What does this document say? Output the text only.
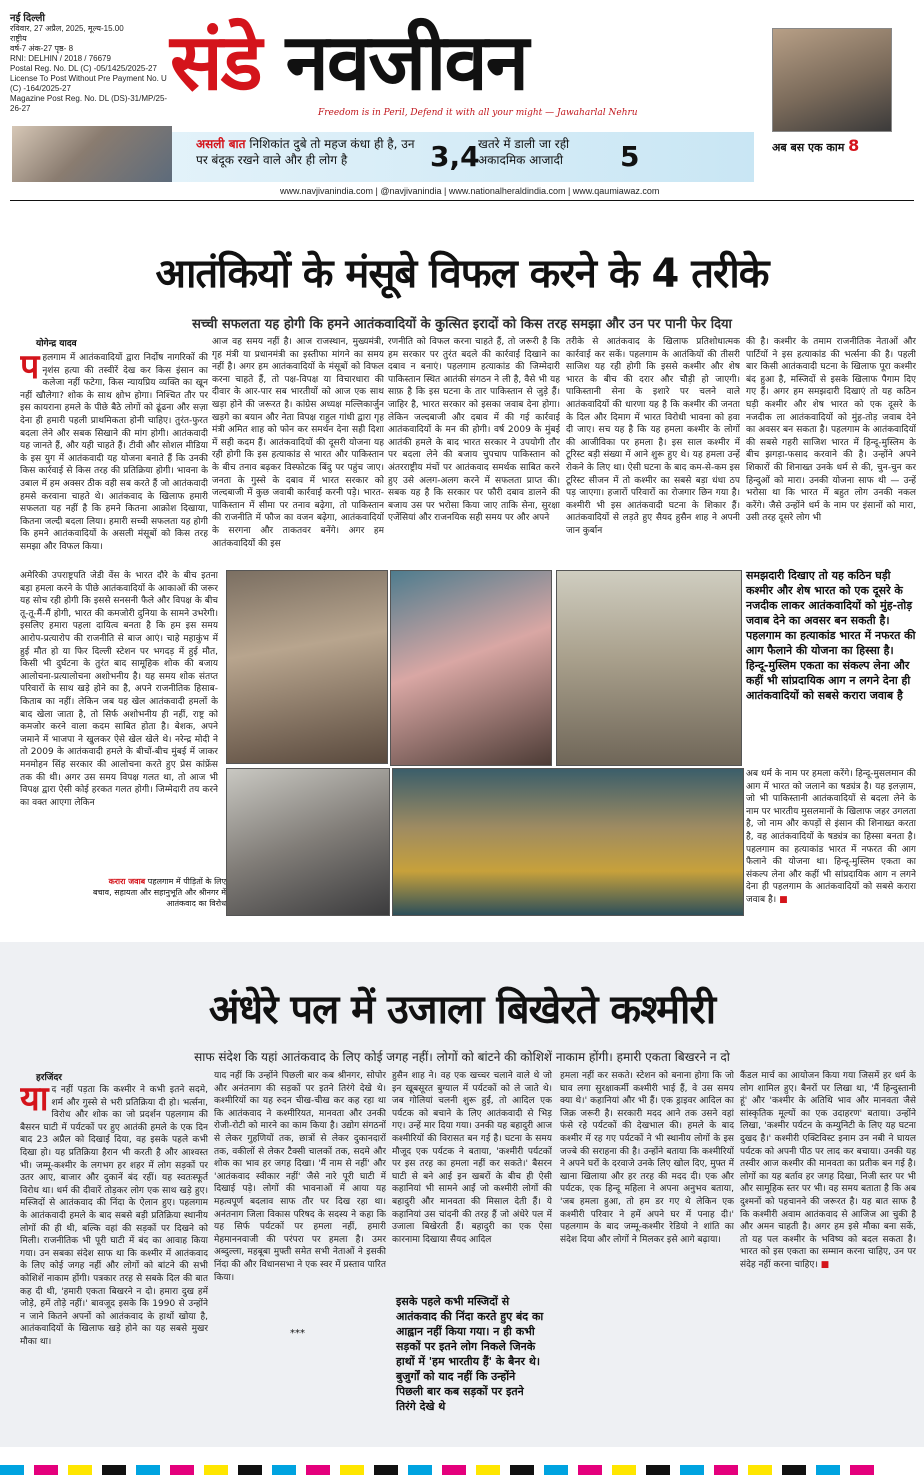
नई दिल्ली
रविवार, 27 अप्रैल, 2025, मूल्य-15.00
राष्ट्रीय
वर्ष-7 अंक-27 पृष्ठ- 8
RNI: DELHIN / 2018 / 76679
Postal Reg. No. DL (C) -05/1425/2025-27
License To Post Without Pre Payment No. U (C) -164/2025-27
Magazine Post Reg. No. DL (DS)-31/MP/25-26-27
संडे नवजीवन
Freedom is in Peril, Defend it with all your might — Jawaharlal Nehru
अब बस एक काम 8
असली बात निशिकांत दुबे तो महज कंधा ही है, उन पर बंदूक रखने वाले और ही लोग है	3,4
खतरे में डाली जा रही अकादमिक आजादी	5
www.navjivanindia.com | @navjivanindia | www.nationalheraldindia.com | www.qaumiawaz.com
आतंकियों के मंसूबे विफल करने के 4 तरीके
सच्ची सफलता यह होगी कि हमने आतंकवादियों के कुत्सित इरादों को किस तरह समझा और उन पर पानी फेर दिया
योगेन्द्र यादव
पहलगाम में आतंकवादियों द्वारा निर्दोष नागरिकों की नृशंस हत्या की तस्वीरें देख कर किस इंसान का कलेजा नहीं फटेगा, किस न्यायप्रिय व्यक्ति का खून नहीं खौलेगा? शोक के साथ क्षोभ होगा। निश्चित तौर पर इस कायराना हमले के पीछे बैठे लोगों को ढूंढना और सज़ा देना ही हमारी पहली प्राथमिकता होनी चाहिए। तुरंत-फुरत बदला लेने और सबक सिखाने की मांग होगी। आतंकवादी यह जानते हैं, और यही चाहते हैं। टीवी और सोशल मीडिया के इस युग में आतंकवादी यह योजना बनाते हैं कि उनकी किस कार्रवाई से किस तरह की प्रतिक्रिया होगी। भावना के उबाल में हम अक्सर ठीक वही सब करते हैं जो आतंकवादी हमसे करवाना चाहते थे। आतंकवाद के खिलाफ हमारी सफलता यह नहीं है कि हमने कितना आक्रोश दिखाया, कितना जल्दी बदला लिया। हमारी सच्ची सफलता यह होगी कि हमने आतंकवादियों के असली मंसूबों को किस तरह समझा और विफल किया।
अमेरिकी उपराष्ट्रपति जेडी वेंस के भारत दौरे के बीच इतना बड़ा हमला करने के पीछे आतंकवादियों के आकाओं की जरूर यह सोच रही होगी कि इससे सनसनी फैले और विपक्ष के बीच तू-तू-मैं-मैं होगी, भारत की कमजोरी दुनिया के सामने उभरेगी। इसलिए हमारा पहला दायित्व बनता है कि हम इस समय आरोप-प्रत्यारोप की राजनीति से बाज आएं। चाहे महाकुंभ में हुई मौत हो या फिर दिल्ली स्टेशन पर भगदड़ में हुई मौत, किसी भी दुर्घटना के तुरंत बाद सामूहिक शोक की बजाय आलोचना-प्रत्यालोचना अशोभनीय है। यह समय शोक संतप्त परिवारों के साथ खड़े होने का है, अपने राजनीतिक हिसाब-किताब का नहीं। लेकिन जब यह खेल आतंकवादी हमलों के बाद खेला जाता है, तो सिर्फ अशोभनीय ही नहीं, राष्ट्र को कमजोर करने वाला कदम साबित होता है। बेशक, अपने जमाने में भाजपा ने खुलकर ऐसे खेल खेले थे। नरेन्द्र मोदी ने तो 2009 के आतंकवादी हमले के बीचों-बीच मुंबई में जाकर मनमोहन सिंह सरकार की आलोचना करते हुए प्रेस कांफ्रेंस तक की थी। अगर उस समय विपक्ष गलत था, तो आज भी विपक्ष द्वारा ऐसी कोई हरकत गलत होगी। जिम्मेदारी तय करने का वक्त आएगा लेकिन
आज वह समय नहीं है। आज राजस्थान, मुख्यमंत्री, गृह मंत्री या प्रधानमंत्री का इस्तीफा मांगने का समय नहीं है। अगर हम आतंकवादियों के मंसूबों को विफल करना चाहते हैं, तो पक्ष-विपक्ष या विचारधारा की दीवार के आर-पार सब भारतीयों को आज एक साथ खड़ा होने की जरूरत है। कांग्रेस अध्यक्ष मल्लिकार्जुन खड़गे का बयान और नेता विपक्ष राहुल गांधी द्वारा गृह मंत्री अमित शाह को फोन कर समर्थन देना सही दिशा में सही कदम हैं। आतंकवादियों की दूसरी योजना यह रही होगी कि इस हत्याकांड से भारत और पाकिस्तान के बीच तनाव बढ़कर विस्फोटक बिंदु पर पहुंच जाए। जनता के गुस्से के दबाव में भारत सरकार को जल्दबाजी में कुछ जवाबी कार्रवाई करनी पड़े। भारत-पाकिस्तान में सीमा पर तनाव बढ़ेगा, तो पाकिस्तान की राजनीति में फौज का वजन बढ़ेगा, आतंकवादियों के सरगना और ताकतवर बनेंगे। अगर हम आतंकवादियों की इस
रणनीति को विफल करना चाहते हैं, तो जरूरी है कि हम सरकार पर तुरंत बदले की कार्रवाई दिखाने का दबाव न बनाएं। पहलगाम हत्याकांड की जिम्मेदारी पाकिस्तान स्थित आतंकी संगठन ने ली है, वैसे भी यह साफ़ है कि इस घटना के तार पाकिस्तान से जुड़े हैं। जाहिर है, भारत सरकार को इसका जवाब देना होगा। लेकिन जल्दबाजी और दबाव में की गई कार्रवाई आतंकवादियों के मन की होगी। वर्ष 2009 के मुंबई आतंकी हमले के बाद भारत सरकार ने उपयोगी तौर पर बदला लेने की बजाय चुपचाप पाकिस्तान को अंतरराष्ट्रीय मंचों पर आतंकवाद समर्थक साबित करने हुए उसे अलग-अलग करने में सफलता प्राप्त की। सबक यह है कि सरकार पर फौरी दबाव डालने की बजाय उस पर भरोसा किया जाए ताकि सेना, सुरक्षा एजेंसियां और राजनयिक सही समय पर और अपने
तरीके से आतंकवाद के खिलाफ प्रतिशोधात्मक कार्रवाई कर सकें। पहलगाम के आतंकियों की तीसरी साजिश यह रही होगी कि इससे कश्मीर और शेष भारत के बीच की दरार और चौड़ी हो जाएगी। पाकिस्तानी सेना के इशारे पर चलने वाले आतंकवादियों की धारणा यह है कि कश्मीर की जनता के दिल और दिमाग में भारत विरोधी भावना को हवा दी जाए। सच यह है कि यह हमला कश्मीर के लोगों की आजीविका पर हमला है। इस साल कश्मीर में टूरिस्ट बड़ी संख्या में आने शुरू हुए थे। यह हमला उन्हें रोकने के लिए था। ऐसी घटना के बाद कम-से-कम इस टूरिस्ट सीजन में तो कश्मीर का सबसे बड़ा धंधा ठप पड़ जाएगा। हजारों परिवारों का रोजगार छिन गया है। कश्मीरी भी इस आतंकवादी घटना के शिकार हैं। आतंकवादियों से लड़ते हुए सैयद हुसैन शाह ने अपनी जान कुर्बान
की है। कश्मीर के तमाम राजनीतिक नेताओं और पार्टियों ने इस हत्याकांड की भर्त्सना की है। पहली बार किसी आतंकवादी घटना के खिलाफ पूरा कश्मीर बंद हुआ है, मस्जिदों से इसके खिलाफ पैगाम दिए गए हैं। अगर हम समझदारी दिखाएं तो यह कठिन घड़ी कश्मीर और शेष भारत को एक दूसरे के नजदीक ला आतंकवादियों को मुंह-तोड़ जवाब देने का अवसर बन सकता है। पहलगाम के आतंकवादियों की सबसे गहरी साजिश भारत में हिन्दू-मुस्लिम के बीच झगड़ा-फसाद करवाने की है। उन्होंने अपने शिकारों की शिनाख्त उनके धर्म से की, चुन-चुन कर हिन्दुओं को मारा। उनकी योजना साफ थी — उन्हें भरोसा था कि भारत में बहुत लोग उनकी नकल करेंगे। जैसे उन्होंने धर्म के नाम पर इंसानों को मारा, उसी तरह दूसरे लोग भी
समझदारी दिखाए तो यह कठिन घड़ी कश्मीर और शेष भारत को एक दूसरे के नजदीक लाकर आतंकवादियों को मुंह-तोड़ जवाब देने का अवसर बन सकती है। पहलगाम का हत्याकांड भारत में नफरत की आग फैलाने की योजना का हिस्सा है। हिन्दू-मुस्लिम एकता का संकल्प लेना और कहीं भी सांप्रदायिक आग न लगने देना ही आतंकवादियों को सबसे करारा जवाब है
अब धर्म के नाम पर हमला करेंगे। हिन्दू-मुसलमान की आग में भारत को जलाने का षड्यंत्र है। यह इलज़ाम, जो भी पाकिस्तानी आतंकवादियों से बदला लेने के नाम पर भारतीय मुसलमानों के खिलाफ जहर उगलता है, जो नाम और कपड़ों से इंसान की शिनाख्त करता है, वह आतंकवादियों के षड्यंत्र का हिस्सा बनता है। पहलगाम का हत्याकांड भारत में नफरत की आग फैलाने की योजना था। हिन्दू-मुस्लिम एकता का संकल्प लेना और कहीं भी सांप्रदायिक आग न लगने देना ही पहलगाम के आतंकवादियों को सबसे करारा जवाब है। ■
करारा जवाब पहलगाम में पीड़ितों के लिए बचाव, सहायता और सहानुभूति और श्रीनगर में आतंकवाद का विरोध
अंधेरे पल में उजाला बिखेरते कश्मीरी
साफ संदेश कि यहां आतंकवाद के लिए कोई जगह नहीं। लोगों को बांटने की कोशिशें नाकाम होंगी। हमारी एकता बिखरने न दो
हरजिंदर
याद नहीं पड़ता कि कश्मीर ने कभी इतने सदमे, शर्म और गुस्से से भरी प्रतिक्रिया दी हो। भर्त्सना, विरोध और शोक का जो प्रदर्शन पहलगाम की बैसरन घाटी में पर्यटकों पर हुए आतंकी हमले के एक दिन बाद 23 अप्रैल को दिखाई दिया, वह इसके पहले कभी दिखा हो। यह प्रतिक्रिया हैरान भी करती है और आश्वस्त भी। जम्मू-कश्मीर के लगभग हर शहर में लोग सड़कों पर उतर आए, बाजार और दुकानें बंद रहीं। यह स्वतःस्फूर्त विरोध था। धर्म की दीवारें तोड़कर लोग एक साथ खड़े हुए। मस्जिदों से आतंकवाद की निंदा के ऐलान हुए। पहलगाम के आतंकवादी हमले के बाद सबसे बड़ी प्रतिक्रिया स्थानीय लोगों की ही थी, बल्कि वहां की सड़कों पर दिखने को मिली। राजनीतिक भी पूरी घाटी में बंद का आवाह किया गया। उन सबका संदेश साफ था कि कश्मीर में आतंकवाद के लिए कोई जगह नहीं और लोगों को बांटने की सभी कोशिशें नाकाम होंगी। पत्रकार तरह से सबके दिल की बात कह दी थी, 'हमारी एकता बिखरने न दो। हमारा दुख हमें जोड़े, हमें तोड़े नहीं।' बावजूद इसके कि 1990 से उन्होंने न जाने कितने अपनों को आतंकवाद के हाथों खोया है, आतंकवादियों के खिलाफ खड़े होने का यह सबसे मुखर मौका था।
याद नहीं कि उन्होंने पिछली बार कब श्रीनगर, सोपोर और अनंतनाग की सड़कों पर इतने तिरंगे देखे थे। कश्मीरियों का यह रुदन चीख-चीख कर कह रहा था कि आतंकवाद ने कश्मीरियत, मानवता और उनकी रोजी-रोटी को मारने का काम किया है। उद्योग संगठनों से लेकर गुहणियों तक, छात्रों से लेकर दुकानदारों तक, वकीलों से लेकर टैक्सी चालकों तक, सदमे और शोक का भाव हर जगह दिखा। 'मैं नाम से नहीं' और 'आतंकवाद स्वीकार नहीं' जैसे नारे पूरी घाटी में दिखाई पड़े। लोगों की भावनाओं में आया यह महत्वपूर्ण बदलाव साफ तौर पर दिख रहा था। अनंतनाग जिला विकास परिषद के सदस्य ने कहा कि यह सिर्फ पर्यटकों पर हमला नहीं, हमारी मेहमाननवाजी की परंपरा पर हमला है। उमर अब्दुल्ला, महबूबा मुफ्ती समेत सभी नेताओं ने इसकी निंदा की और विधानसभा ने एक स्वर में प्रस्ताव पारित किया।
***
हुसैन शाह ने। वह एक खच्चर चलाने वाले थे जो इन खूबसूरत बुग्याल में पर्यटकों को ले जाते थे। जब गोलियां चलनी शुरू हुईं, तो आदिल एक पर्यटक को बचाने के लिए आतंकवादी से भिड़ गए। उन्हें मार दिया गया। उनकी यह बहादुरी आज कश्मीरियों की विरासत बन गई है। घटना के समय मौजूद एक पर्यटक ने बताया, 'कश्मीरी पर्यटकों पर इस तरह का हमला नहीं कर सकते।' बैसरन घाटी से बने आई इन खबरों के बीच ही ऐसी कहानियां भी सामने आईं जो कश्मीरी लोगों की बहादुरी और मानवता की मिसाल देती हैं। ये कहानियां उस चांदनी की तरह हैं जो अंधेरे पल में उजाला बिखेरती हैं। बहादुरी का एक ऐसा कारनामा दिखाया सैयद आदिल
इसके पहले कभी मस्जिदों से आतंकवाद की निंदा करते हुए बंद का आह्वान नहीं किया गया। न ही कभी सड़कों पर इतने लोग निकले जिनके हाथों में 'हम भारतीय हैं' के बैनर थे। बुजुर्गों को याद नहीं कि उन्होंने पिछली बार कब सड़कों पर इतने तिरंगे देखे थे
हमला नहीं कर सकते। स्टेशन को बनाना होगा कि जो घाव लगा सुरक्षाकर्मी कश्मीरी भाई हैं, वे उस समय क्या थे।' कहानियां और भी हैं। एक ड्राइवर आदिल का जिक्र जरूरी है। सरकारी मदद आने तक उसने वहां फंसे रहे पर्यटकों की देखभाल की। हमले के बाद कश्मीर में रह गए पर्यटकों ने भी स्थानीय लोगों के इस जज्बे की सराहना की है। उन्होंने बताया कि कश्मीरियों ने अपने घरों के दरवाजे उनके लिए खोल दिए, मुफ्त में खाना खिलाया और हर तरह की मदद दी। एक और पर्यटक, एक हिन्दू महिला ने अपना अनुभव बताया, 'जब हमला हुआ, तो हम डर गए थे लेकिन एक कश्मीरी परिवार ने हमें अपने घर में पनाह दी।' पहलगाम के बाद जम्मू-कश्मीर रेडियो ने शांति का संदेश दिया और लोगों ने मिलकर इसे आगे बढ़ाया।
कैंडल मार्च का आयोजन किया गया जिसमें हर धर्म के लोग शामिल हुए। बैनरों पर लिखा था, 'मैं हिन्दुस्तानी हूं' और 'कश्मीर के अतिथि भाव और मानवता जैसे सांस्कृतिक मूल्यों का एक उदाहरण' बताया। उन्होंने लिखा, 'कश्मीर पर्यटन के कम्युनिटी के लिए यह घटना दुखद है।' कश्मीरी एक्टिविस्ट इनाम उन नबी ने घायल पर्यटक को अपनी पीठ पर लाद कर बचाया। उनकी यह तस्वीर आज कश्मीर की मानवता का प्रतीक बन गई है। लोगों का यह बर्ताव हर जगह दिखा, निजी स्तर पर भी और सामूहिक स्तर पर भी। वह समय बताता है कि अब दुश्मनों को पहचानने की जरूरत है। यह बात साफ है कि कश्मीरी अवाम आतंकवाद से आजिज आ चुकी है और अमन चाहती है। अगर हम इसे मौका बना सकें, तो यह पल कश्मीर के भविष्य को बदल सकता है। भारत को इस एकता का सम्मान करना चाहिए, उन पर संदेह नहीं करना चाहिए। ■
